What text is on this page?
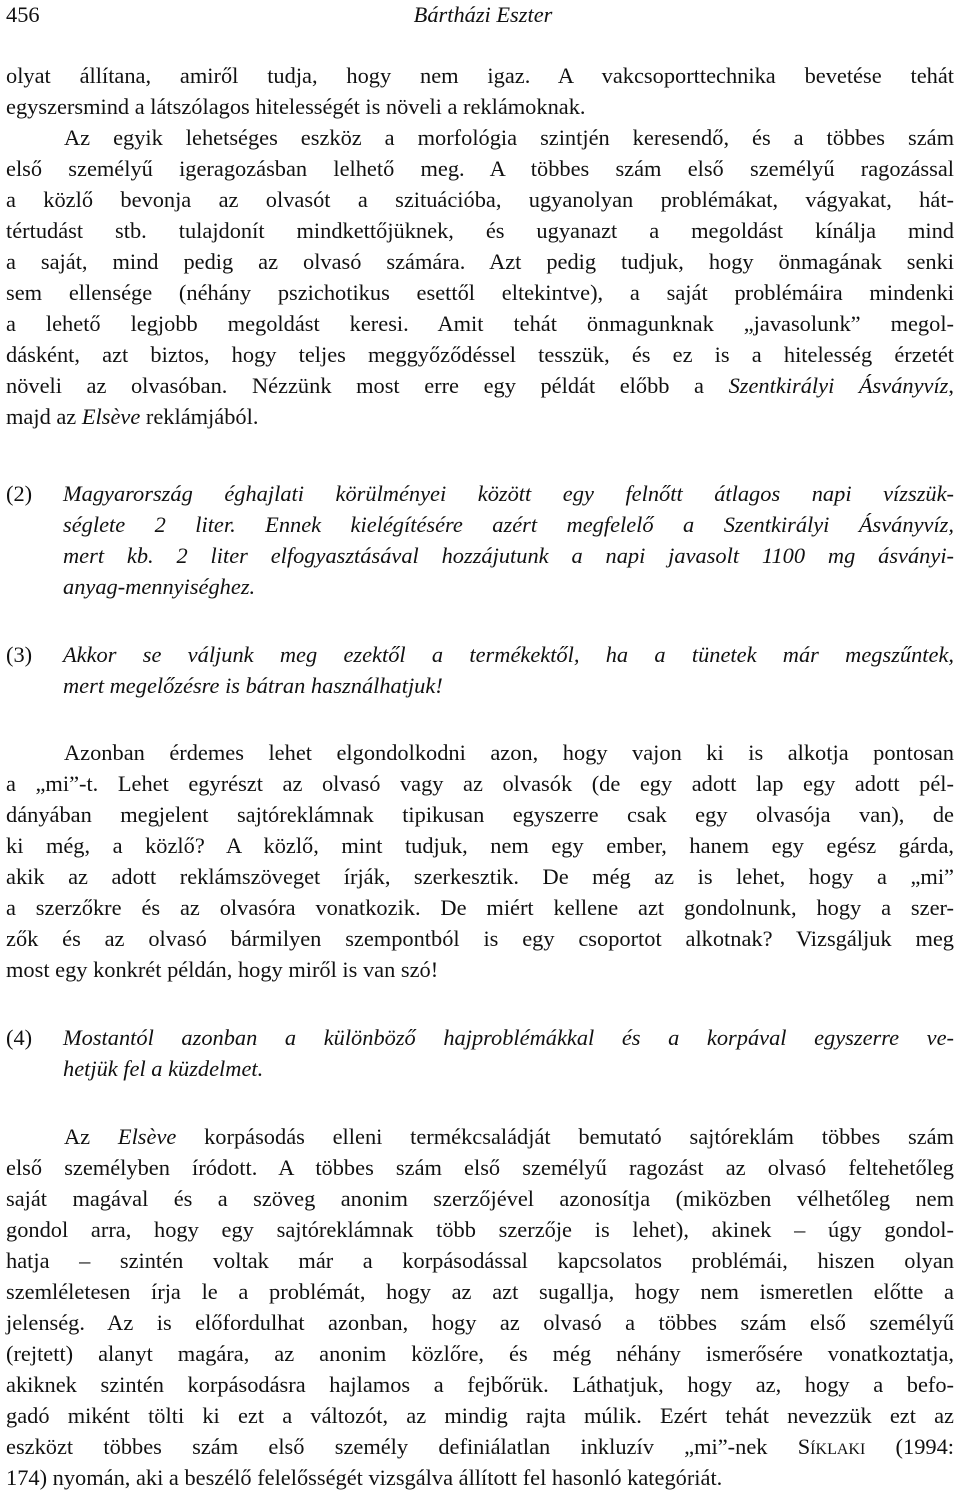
456	Bártházi Eszter
olyat állítana, amiről tudja, hogy nem igaz. A vakcsoporttechnika bevetése tehát
egyszersmind a látszólagos hitelességét is növeli a reklámoknak.
Az egyik lehetséges eszköz a morfológia szintjén keresendő, és a többes szám
első személyű igeragozásban lelhető meg. A többes szám első személyű ragozással
a közlő bevonja az olvasót a szituációba, ugyanolyan problémákat, vágyakat, hát-
tértudást stb. tulajdonít mindkettőjüknek, és ugyanazt a megoldást kínálja mind
a saját, mind pedig az olvasó számára. Azt pedig tudjuk, hogy önmagának senki
sem ellensége (néhány pszichotikus esettől eltekintve), a saját problémáira mindenki
a lehető legjobb megoldást keresi. Amit tehát önmagunknak „javasolunk” megol-
dásként, azt biztos, hogy teljes meggyőződéssel tesszük, és ez is a hitelesség érzetét
növeli az olvasóban. Nézzünk most erre egy példát előbb a Szentkirályi Ásványvíz,
majd az Elsève reklámjából.
(2)	Magyarország éghajlati körülményei között egy felnőtt átlagos napi vízszük-
séglete 2 liter. Ennek kielégítésére azért megfelelő a Szentkirályi Ásványvíz,
mert kb. 2 liter elfogyasztásával hozzájutunk a napi javasolt 1100 mg ásványi-
anyag-mennyiséghez.
(3)	Akkor se váljunk meg ezektől a termékektől, ha a tünetek már megszűntek,
mert megelőzésre is bátran használhatjuk!
Azonban érdemes lehet elgondolkodni azon, hogy vajon ki is alkotja pontosan
a „mi”-t. Lehet egyrészt az olvasó vagy az olvasók (de egy adott lap egy adott pél-
dányában megjelent sajtóreklámnak tipikusan egyszerre csak egy olvasója van), de
ki még, a közlő? A közlő, mint tudjuk, nem egy ember, hanem egy egész gárda,
akik az adott reklámszöveget írják, szerkesztik. De még az is lehet, hogy a „mi”
a szerzőkre és az olvasóra vonatkozik. De miért kellene azt gondolnunk, hogy a szer-
zők és az olvasó bármilyen szempontból is egy csoportot alkotnak? Vizsgáljuk meg
most egy konkrét példán, hogy miről is van szó!
(4)	Mostantól azonban a különböző hajproblémákkal és a korpával egyszerre ve-
hetjük fel a küzdelmet.
Az Elsève korpásodás elleni termékcsaládját bemutató sajtóreklám többes szám
első személyben íródott. A többes szám első személyű ragozást az olvasó feltehetőleg
saját magával és a szöveg anonim szerzőjével azonosítja (miközben vélhetőleg nem
gondol arra, hogy egy sajtóreklámnak több szerzője is lehet), akinek – úgy gondol-
hatja – szintén voltak már a korpásodással kapcsolatos problémái, hiszen olyan
szemléletesen írja le a problémát, hogy az azt sugallja, hogy nem ismeretlen előtte a
jelenség. Az is előfordulhat azonban, hogy az olvasó a többes szám első személyű
(rejtett) alanyt magára, az anonim közlőre, és még néhány ismerősére vonatkoztatja,
akiknek szintén korpásodásra hajlamos a fejbőrük. Láthatjuk, hogy az, hogy a befo-
gadó miként tölti ki ezt a változót, az mindig rajta múlik. Ezért tehát nevezzük ezt az
eszközt többes szám első személy definiálatlan inkluzív „mi”-nek Síklaki (1994:
174) nyomán, aki a beszélő felelősségét vizsgálva állított fel hasonló kategóriát.
